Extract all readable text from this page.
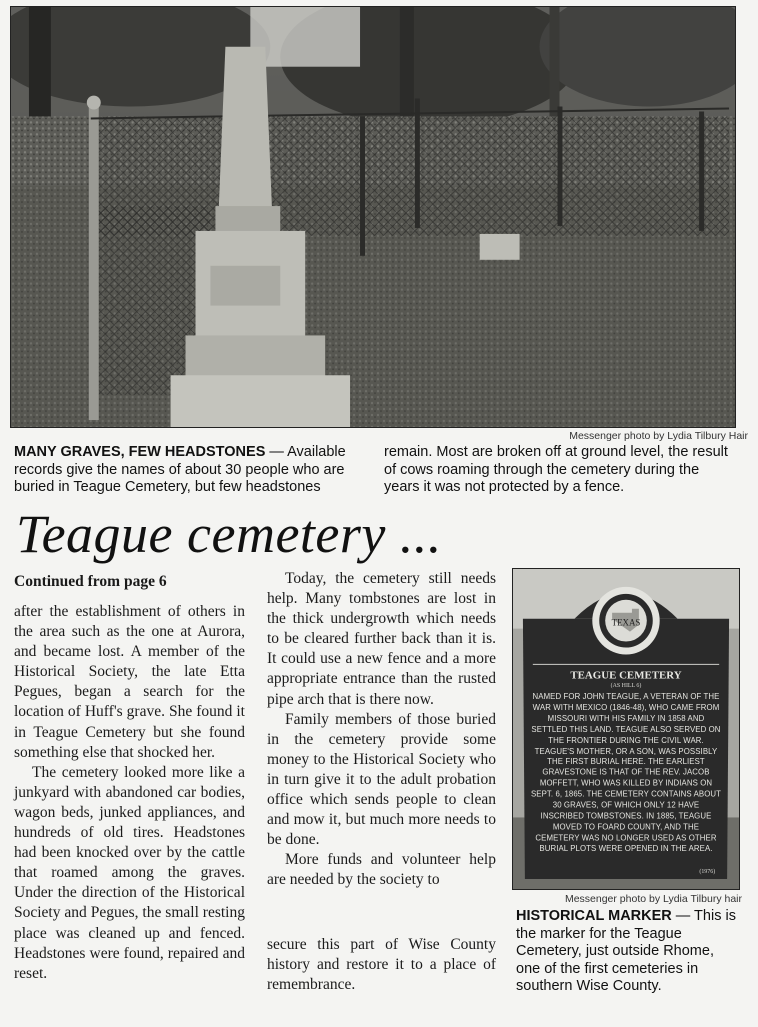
Messenger photo by Lydia Tilbury Hair
MANY GRAVES, FEW HEADSTONES — Available records give the names of about 30 people who are buried in Teague Cemetery, but few headstones
remain. Most are broken off at ground level, the result of cows roaming through the cemetery during the years it was not protected by a fence.
Teague cemetery ...
Continued from page 6

after the establishment of others in the area such as the one at Aurora, and became lost. A member of the Historical Society, the late Etta Pegues, began a search for the location of Huff's grave. She found it in Teague Cemetery but she found something else that shocked her.

The cemetery looked more like a junkyard with abandoned car bodies, wagon beds, junked appliances, and hundreds of old tires. Headstones had been knocked over by the cattle that roamed among the graves. Under the direction of the Historical Society and Pegues, the small resting place was cleaned up and fenced. Headstones were found, repaired and reset.

Today, the cemetery still needs help. Many tombstones are lost in the thick undergrowth which needs to be cleared further back than it is. It could use a new fence and a more appropriate entrance than the rusted pipe arch that is there now.

Family members of those buried in the cemetery provide some money to the Historical Society who in turn give it to the adult probation office which sends people to clean and mow it, but much more needs to be done.

More funds and volunteer help are needed by the society to

secure this part of Wise County history and restore it to a place of remembrance.

TEXAS
TEAGUE CEMETERY
(AS HILL 6)
NAMED FOR JOHN TEAGUE, A VETERAN OF THE WAR WITH MEXICO (1846-48), WHO CAME FROM MISSOURI WITH HIS FAMILY IN 1858 AND SETTLED THIS LAND. TEAGUE ALSO SERVED ON THE FRONTIER DURING THE CIVIL WAR. TEAGUE'S MOTHER, OR A SON, WAS POSSIBLY THE FIRST BURIAL HERE. THE EARLIEST GRAVESTONE IS THAT OF THE REV. JACOB MOFFETT, WHO WAS KILLED BY INDIANS ON SEPT. 6, 1865. THE CEMETERY CONTAINS ABOUT 30 GRAVES, OF WHICH ONLY 12 HAVE INSCRIBED TOMBSTONES. IN 1885, TEAGUE MOVED TO FOARD COUNTY, AND THE CEMETERY WAS NO LONGER USED AS OTHER BURIAL PLOTS WERE OPENED IN THE AREA.
(1976)
Messenger photo by Lydia Tilbury hair
HISTORICAL MARKER — This is the marker for the Teague Cemetery, just outside Rhome, one of the first cemeteries in southern Wise County.
